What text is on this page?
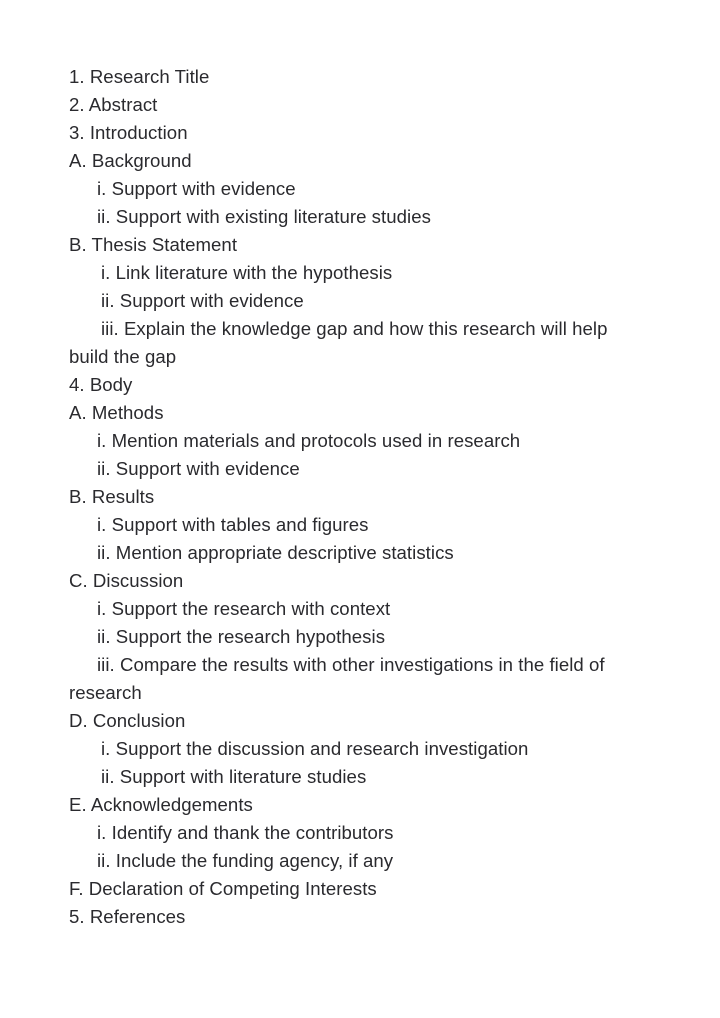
1. Research Title
2. Abstract
3. Introduction
A. Background
i. Support with evidence
ii. Support with existing literature studies
B. Thesis Statement
i. Link literature with the hypothesis
ii. Support with evidence
iii. Explain the knowledge gap and how this research will help build the gap
4. Body
A. Methods
i. Mention materials and protocols used in research
ii. Support with evidence
B. Results
i. Support with tables and figures
ii. Mention appropriate descriptive statistics
C. Discussion
i. Support the research with context
ii. Support the research hypothesis
iii. Compare the results with other investigations in the field of research
D. Conclusion
i. Support the discussion and research investigation
ii. Support with literature studies
E. Acknowledgements
i. Identify and thank the contributors
ii. Include the funding agency, if any
F. Declaration of Competing Interests
5. References
